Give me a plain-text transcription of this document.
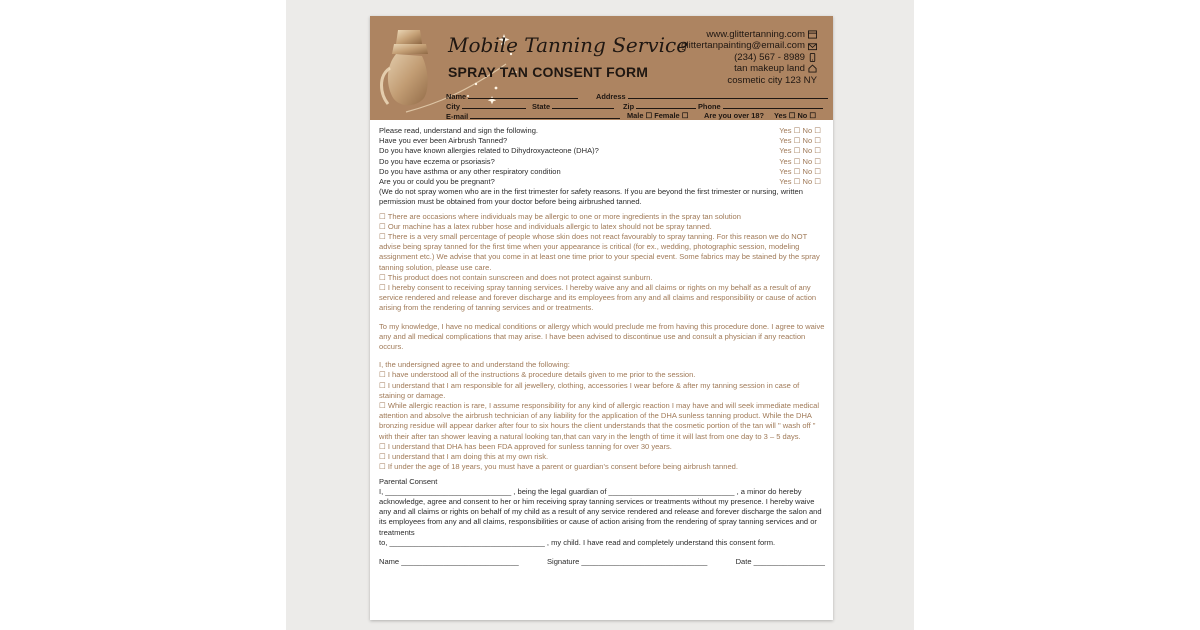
Mobile Tanning Service
SPRAY TAN CONSENT FORM
www.glittertanning.com
glittertanpainting@email.com
(234) 567 - 8989
tan makeup land
cosmetic city 123 NY
Name	Address
City	State	Zip	Phone
E-mail	Male ☐ Female ☐ Are you over 18? Yes ☐ No ☐
Please read, understand and sign the following.	Yes ☐ No ☐
Have you ever been Airbrush Tanned?	Yes ☐ No ☐
Do you have known allergies related to Dihydroxyacteone (DHA)?	Yes ☐ No ☐
Do you have eczema or psoriasis?	Yes ☐ No ☐
Do you have asthma or any other respiratory condition	Yes ☐ No ☐
Are you or could you be pregnant?	Yes ☐ No ☐
(We do not spray women who are in the first trimester for safety reasons. If you are beyond the first trimester or nursing, written permission must be obtained from your doctor before being airbrushed tanned.
☐ There are occasions where individuals may be allergic to one or more ingredients in the spray tan solution
☐ Our machine has a latex rubber hose and individuals allergic to latex should not be spray tanned.
☐ There is a very small percentage of people whose skin does not react favourably to spray tanning. For this reason we do NOT advise being spray tanned for the first time when your appearance is critical (for ex., wedding, photographic session, modeling assignment etc.) We advise that you come in at least one time prior to your special event. Some fabrics may be stained by the spray tanning solution, please use care.
☐ This product does not contain sunscreen and does not protect against sunburn.
☐ I hereby consent to receiving spray tanning services. I hereby waive any and all claims or rights on my behalf as a result of any service rendered and release and forever discharge and its employees from any and all claims and responsibility or cause of action arising from the rendering of tanning services and or treatments.
To my knowledge, I have no medical conditions or allergy which would preclude me from having this procedure done. I agree to waive any and all medical complications that may arise. I have been advised to discontinue use and consult a physician if any reaction occurs.
I, the undersigned agree to and understand the following:
☐ I have understood all of the instructions & procedure details given to me prior to the session.
☐ I understand that I am responsible for all jewellery, clothing, accessories I wear before & after my tanning session in case of staining or damage.
☐ While allergic reaction is rare, I assume responsibility for any kind of allergic reaction I may have and will seek immediate medical attention and absolve the airbrush technician of any liability for the application of the DHA sunless tanning product. While the DHA bronzing residue will appear darker after four to six hours the client understands that the cosmetic portion of the tan will " wash off " with their after tan shower leaving a natural looking tan,that can vary in the length of time it will last from one day to 3 – 5 days.
☐ I understand that DHA has been FDA approved for sunless tanning for over 30 years.
☐ I understand that I am doing this at my own risk.
☐ If under the age of 18 years, you must have a parent or guardian's consent before being airbrush tanned.
Parental Consent
I, ______________________________ , being the legal guardian of ______________________________ , a minor do hereby acknowledge, agree and consent to her or him receiving spray tanning services or treatments without my presence. I hereby waive any and all claims or rights on behalf of my child as a result of any service rendered and release and forever discharge the salon and its employees from any and all claims, responsibilities or cause of action arising from the rendering of spray tanning services and or treatments
to, _____________________________________ , my child. I have read and completely understand this consent form.
Name ____________________________	Signature ______________________________	Date _________________
